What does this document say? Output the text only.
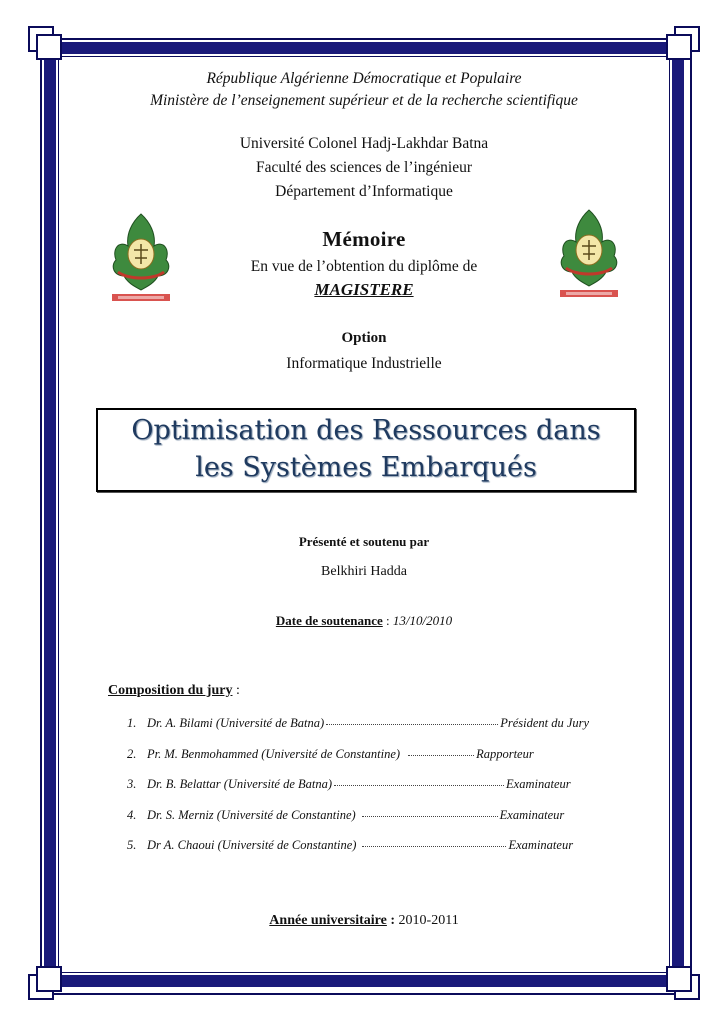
République Algérienne Démocratique et Populaire
Ministère de l’enseignement supérieur et de la recherche scientifique
Université Colonel Hadj-Lakhdar Batna
Faculté des sciences de l’ingénieur
Département d’Informatique
Mémoire
En vue de l’obtention du diplôme de
MAGISTERE
Option
Informatique Industrielle
Optimisation des Ressources dans
les Systèmes Embarqués
Présenté et soutenu par
Belkhiri Hadda
Date de soutenance : 13/10/2010
Composition du jury :
1. Dr. A. Bilami (Université de Batna)	Président du Jury
2. Pr. M. Benmohammed (Université de Constantine)	Rapporteur
3. Dr. B. Belattar (Université de Batna)	Examinateur
4. Dr. S. Merniz (Université de Constantine)	Examinateur
5. Dr A. Chaoui (Université de Constantine)	Examinateur
Année universitaire : 2010-2011
